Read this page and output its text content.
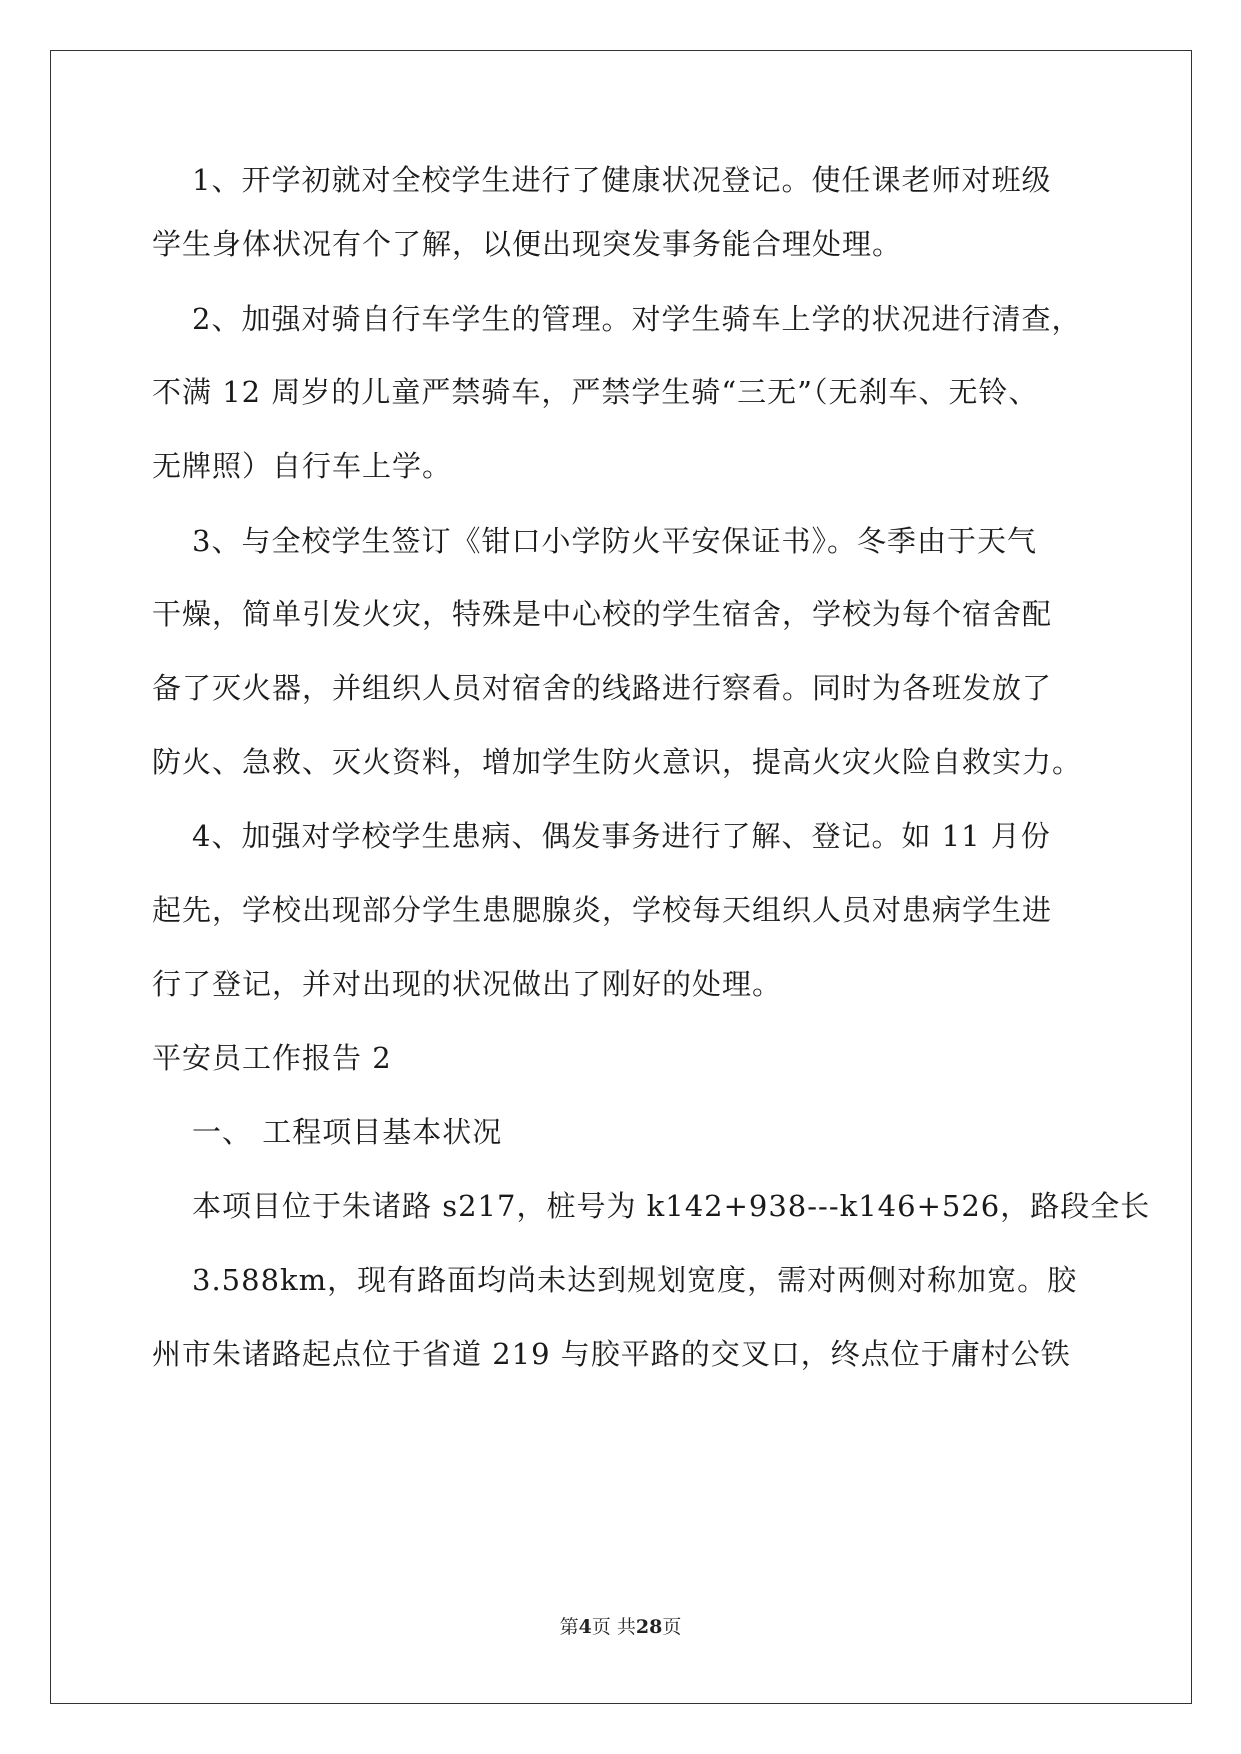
1、开学初就对全校学生进行了健康状况登记。使任课老师对班级
学生身体状况有个了解，以便出现突发事务能合理处理。
2、加强对骑自行车学生的管理。对学生骑车上学的状况进行清查，
不满 12 周岁的儿童严禁骑车，严禁学生骑“三无”（无刹车、无铃、
无牌照）自行车上学。
3、与全校学生签订《钳口小学防火平安保证书》。冬季由于天气
干燥，简单引发火灾，特殊是中心校的学生宿舍，学校为每个宿舍配
备了灭火器，并组织人员对宿舍的线路进行察看。同时为各班发放了
防火、急救、灭火资料，增加学生防火意识，提高火灾火险自救实力。
4、加强对学校学生患病、偶发事务进行了解、登记。如 11 月份
起先，学校出现部分学生患腮腺炎，学校每天组织人员对患病学生进
行了登记，并对出现的状况做出了刚好的处理。
平安员工作报告 2
一、 工程项目基本状况
本项目位于朱诸路 s217，桩号为 k142+938---k146+526，路段全长
3.588km，现有路面均尚未达到规划宽度，需对两侧对称加宽。胶
州市朱诸路起点位于省道 219 与胶平路的交叉口，终点位于庸村公铁
第4页 共28页
